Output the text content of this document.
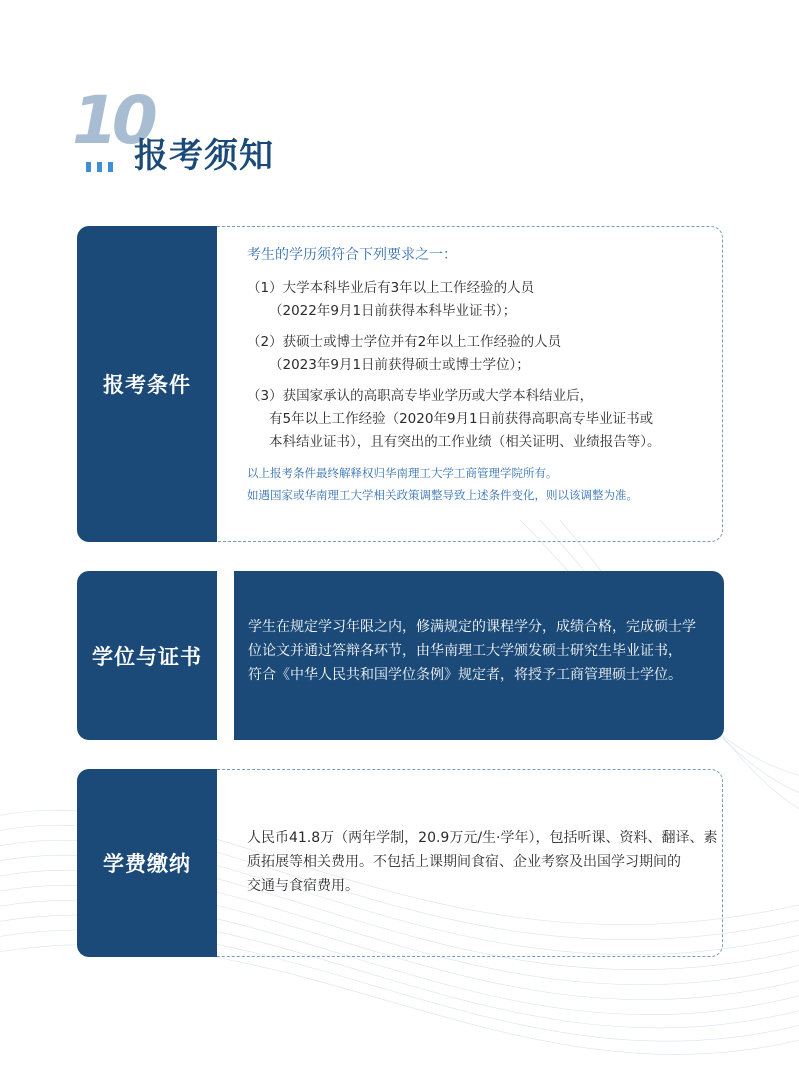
10
报考须知
报考条件
考生的学历须符合下列要求之一：
（1）大学本科毕业后有3年以上工作经验的人员
（2022年9月1日前获得本科毕业证书）；
（2）获硕士或博士学位并有2年以上工作经验的人员
（2023年9月1日前获得硕士或博士学位）；
（3）获国家承认的高职高专毕业学历或大学本科结业后，
有5年以上工作经验（2020年9月1日前获得高职高专毕业证书或
本科结业证书），且有突出的工作业绩（相关证明、业绩报告等）。
以上报考条件最终解释权归华南理工大学工商管理学院所有。
如遇国家或华南理工大学相关政策调整导致上述条件变化，则以该调整为准。
学位与证书
学生在规定学习年限之内，修满规定的课程学分，成绩合格，完成硕士学
位论文并通过答辩各环节，由华南理工大学颁发硕士研究生毕业证书，
符合《中华人民共和国学位条例》规定者，将授予工商管理硕士学位。
学费缴纳
人民币41.8万（两年学制，20.9万元/生·学年），包括听课、资料、翻译、素
质拓展等相关费用。不包括上课期间食宿、企业考察及出国学习期间的
交通与食宿费用。
